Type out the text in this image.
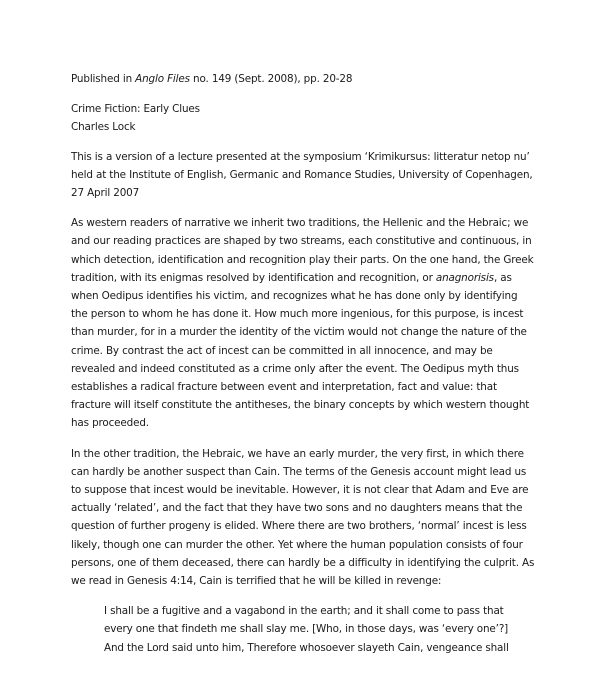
Published in Anglo Files no. 149 (Sept. 2008), pp. 20-28

Crime Fiction: Early Clues
Charles Lock

This is a version of a lecture presented at the symposium ‘Krimikursus: litteratur netop nu’ held at the Institute of English, Germanic and Romance Studies, University of Copenhagen, 27 April 2007

As western readers of narrative we inherit two traditions, the Hellenic and the Hebraic; we and our reading practices are shaped by two streams, each constitutive and continuous, in which detection, identification and recognition play their parts. On the one hand, the Greek tradition, with its enigmas resolved by identification and recognition, or anagnorisis, as when Oedipus identifies his victim, and recognizes what he has done only by identifying the person to whom he has done it. How much more ingenious, for this purpose, is incest than murder, for in a murder the identity of the victim would not change the nature of the crime. By contrast the act of incest can be committed in all innocence, and may be revealed and indeed constituted as a crime only after the event. The Oedipus myth thus establishes a radical fracture between event and interpretation, fact and value: that fracture will itself constitute the antitheses, the binary concepts by which western thought has proceeded.

In the other tradition, the Hebraic, we have an early murder, the very first, in which there can hardly be another suspect than Cain. The terms of the Genesis account might lead us to suppose that incest would be inevitable. However, it is not clear that Adam and Eve are actually ‘related’, and the fact that they have two sons and no daughters means that the question of further progeny is elided. Where there are two brothers, ‘normal’ incest is less likely, though one can murder the other. Yet where the human population consists of four persons, one of them deceased, there can hardly be a difficulty in identifying the culprit. As we read in Genesis 4:14, Cain is terrified that he will be killed in revenge:

I shall be a fugitive and a vagabond in the earth; and it shall come to pass that every one that findeth me shall slay me. [Who, in those days, was ‘every one’?] And the Lord said unto him, Therefore whosoever slayeth Cain, vengeance shall
